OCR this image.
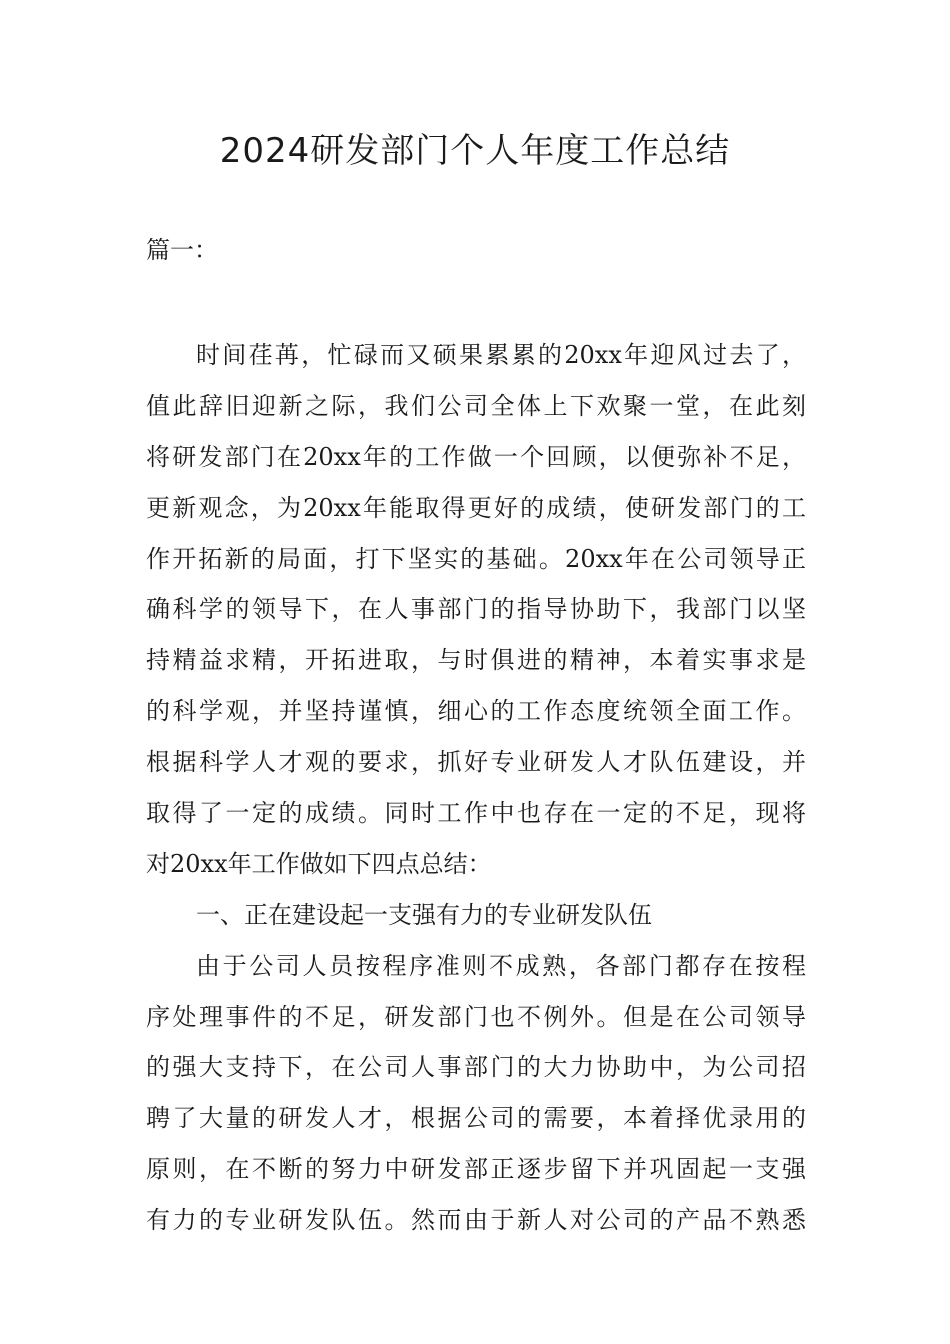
2024研发部门个人年度工作总结

篇一：

时间荏苒，忙碌而又硕果累累的20xx年迎风过去了，
值此辞旧迎新之际，我们公司全体上下欢聚一堂，在此刻
将研发部门在20xx年的工作做一个回顾，以便弥补不足，
更新观念，为20xx年能取得更好的成绩，使研发部门的工
作开拓新的局面，打下坚实的基础。20xx年在公司领导正
确科学的领导下，在人事部门的指导协助下，我部门以坚
持精益求精，开拓进取，与时俱进的精神，本着实事求是
的科学观，并坚持谨慎，细心的工作态度统领全面工作。
根据科学人才观的要求，抓好专业研发人才队伍建设，并
取得了一定的成绩。同时工作中也存在一定的不足，现将
对20xx年工作做如下四点总结：
一、正在建设起一支强有力的专业研发队伍
由于公司人员按程序准则不成熟，各部门都存在按程
序处理事件的不足，研发部门也不例外。但是在公司领导
的强大支持下，在公司人事部门的大力协助中，为公司招
聘了大量的研发人才，根据公司的需要，本着择优录用的
原则，在不断的努力中研发部正逐步留下并巩固起一支强
有力的专业研发队伍。然而由于新人对公司的产品不熟悉
